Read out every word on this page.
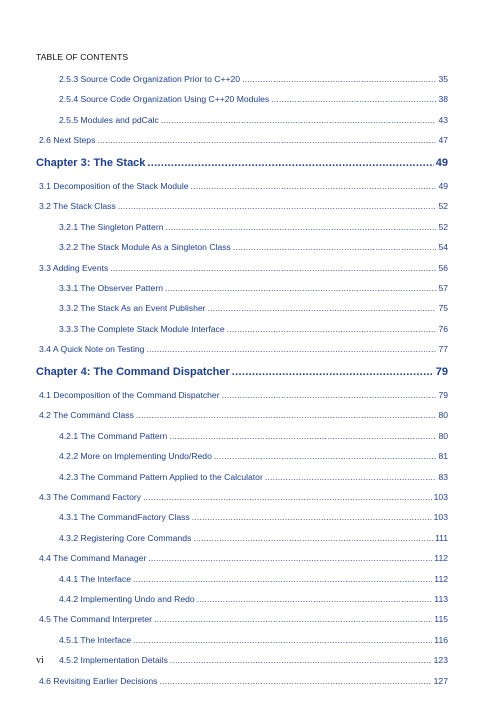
TABLE OF CONTENTS
2.5.3 Source Code Organization Prior to C++20 .....	35
2.5.4 Source Code Organization Using C++20 Modules .....	38
2.5.5 Modules and pdCalc .....	43
2.6 Next Steps .....	47
Chapter 3: The Stack .....	49
3.1 Decomposition of the Stack Module .....	49
3.2 The Stack Class .....	52
3.2.1 The Singleton Pattern .....	52
3.2.2 The Stack Module As a Singleton Class .....	54
3.3 Adding Events .....	56
3.3.1 The Observer Pattern .....	57
3.3.2 The Stack As an Event Publisher .....	75
3.3.3 The Complete Stack Module Interface .....	76
3.4 A Quick Note on Testing .....	77
Chapter 4: The Command Dispatcher .....	79
4.1 Decomposition of the Command Dispatcher .....	79
4.2 The Command Class .....	80
4.2.1 The Command Pattern .....	80
4.2.2 More on Implementing Undo/Redo .....	81
4.2.3 The Command Pattern Applied to the Calculator .....	83
4.3 The Command Factory .....	103
4.3.1 The CommandFactory Class .....	103
4.3.2 Registering Core Commands .....	111
4.4 The Command Manager .....	112
4.4.1 The Interface .....	112
4.4.2 Implementing Undo and Redo .....	113
4.5 The Command Interpreter .....	115
4.5.1 The Interface .....	116
4.5.2 Implementation Details .....	123
4.6 Revisiting Earlier Decisions .....	127
vi
